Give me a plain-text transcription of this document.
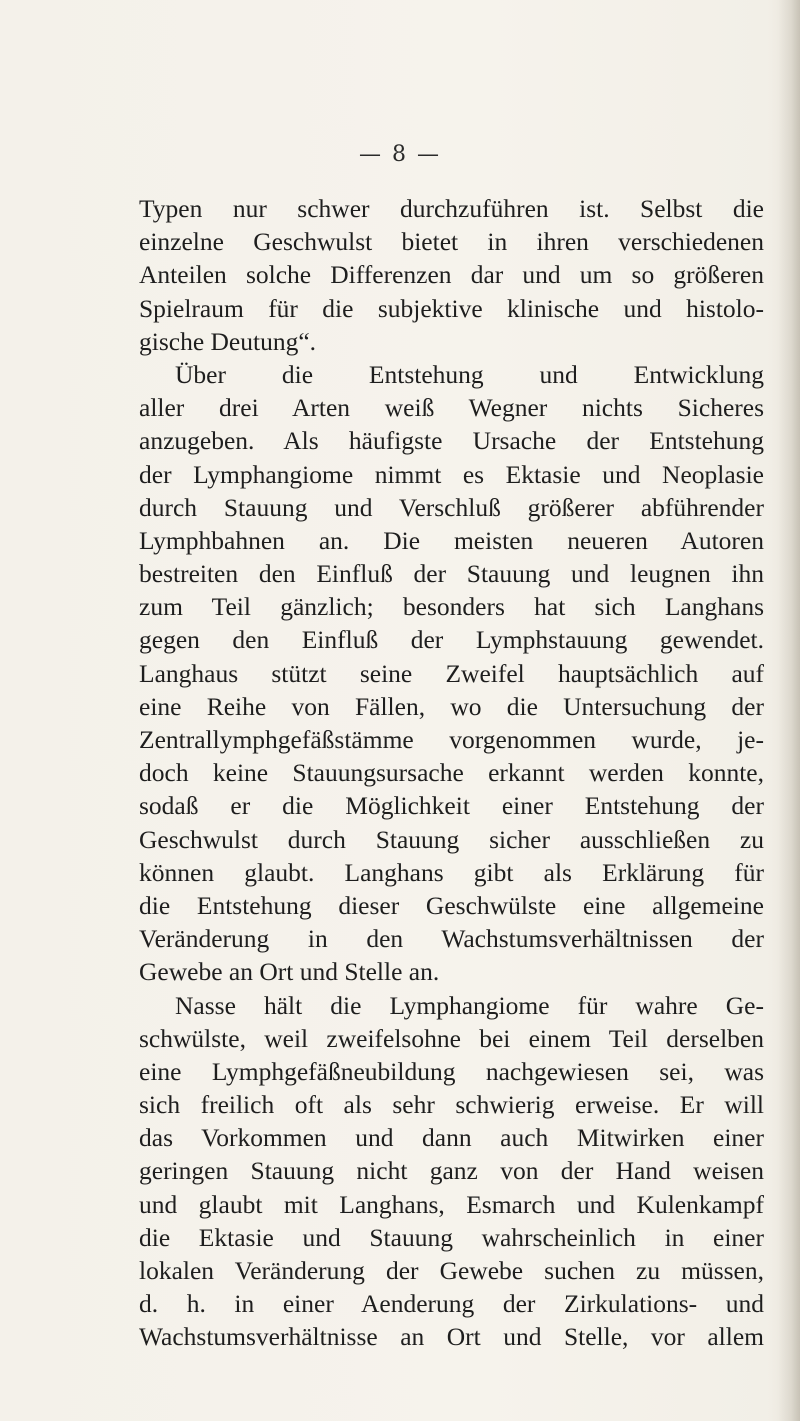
— 8 —
Typen nur schwer durchzuführen ist. Selbst die
einzelne Geschwulst bietet in ihren verschiedenen
Anteilen solche Differenzen dar und um so größeren
Spielraum für die subjektive klinische und histolo-
gische Deutung“.
Über die Entstehung und Entwicklung
aller drei Arten weiß Wegner nichts Sicheres
anzugeben. Als häufigste Ursache der Entstehung
der Lymphangiome nimmt es Ektasie und Neoplasie
durch Stauung und Verschluß größerer abführender
Lymphbahnen an. Die meisten neueren Autoren
bestreiten den Einfluß der Stauung und leugnen ihn
zum Teil gänzlich; besonders hat sich Langhans
gegen den Einfluß der Lymphstauung gewendet.
Langhaus stützt seine Zweifel hauptsächlich auf
eine Reihe von Fällen, wo die Untersuchung der
Zentrallymphgefäßstämme vorgenommen wurde, je-
doch keine Stauungsursache erkannt werden konnte,
sodaß er die Möglichkeit einer Entstehung der
Geschwulst durch Stauung sicher ausschließen zu
können glaubt. Langhans gibt als Erklärung für
die Entstehung dieser Geschwülste eine allgemeine
Veränderung in den Wachstumsverhältnissen der
Gewebe an Ort und Stelle an.
Nasse hält die Lymphangiome für wahre Ge-
schwülste, weil zweifelsohne bei einem Teil derselben
eine Lymphgefäßneubildung nachgewiesen sei, was
sich freilich oft als sehr schwierig erweise. Er will
das Vorkommen und dann auch Mitwirken einer
geringen Stauung nicht ganz von der Hand weisen
und glaubt mit Langhans, Esmarch und Kulenkampf
die Ektasie und Stauung wahrscheinlich in einer
lokalen Veränderung der Gewebe suchen zu müssen,
d. h. in einer Aenderung der Zirkulations- und
Wachstumsverhältnisse an Ort und Stelle, vor allem
